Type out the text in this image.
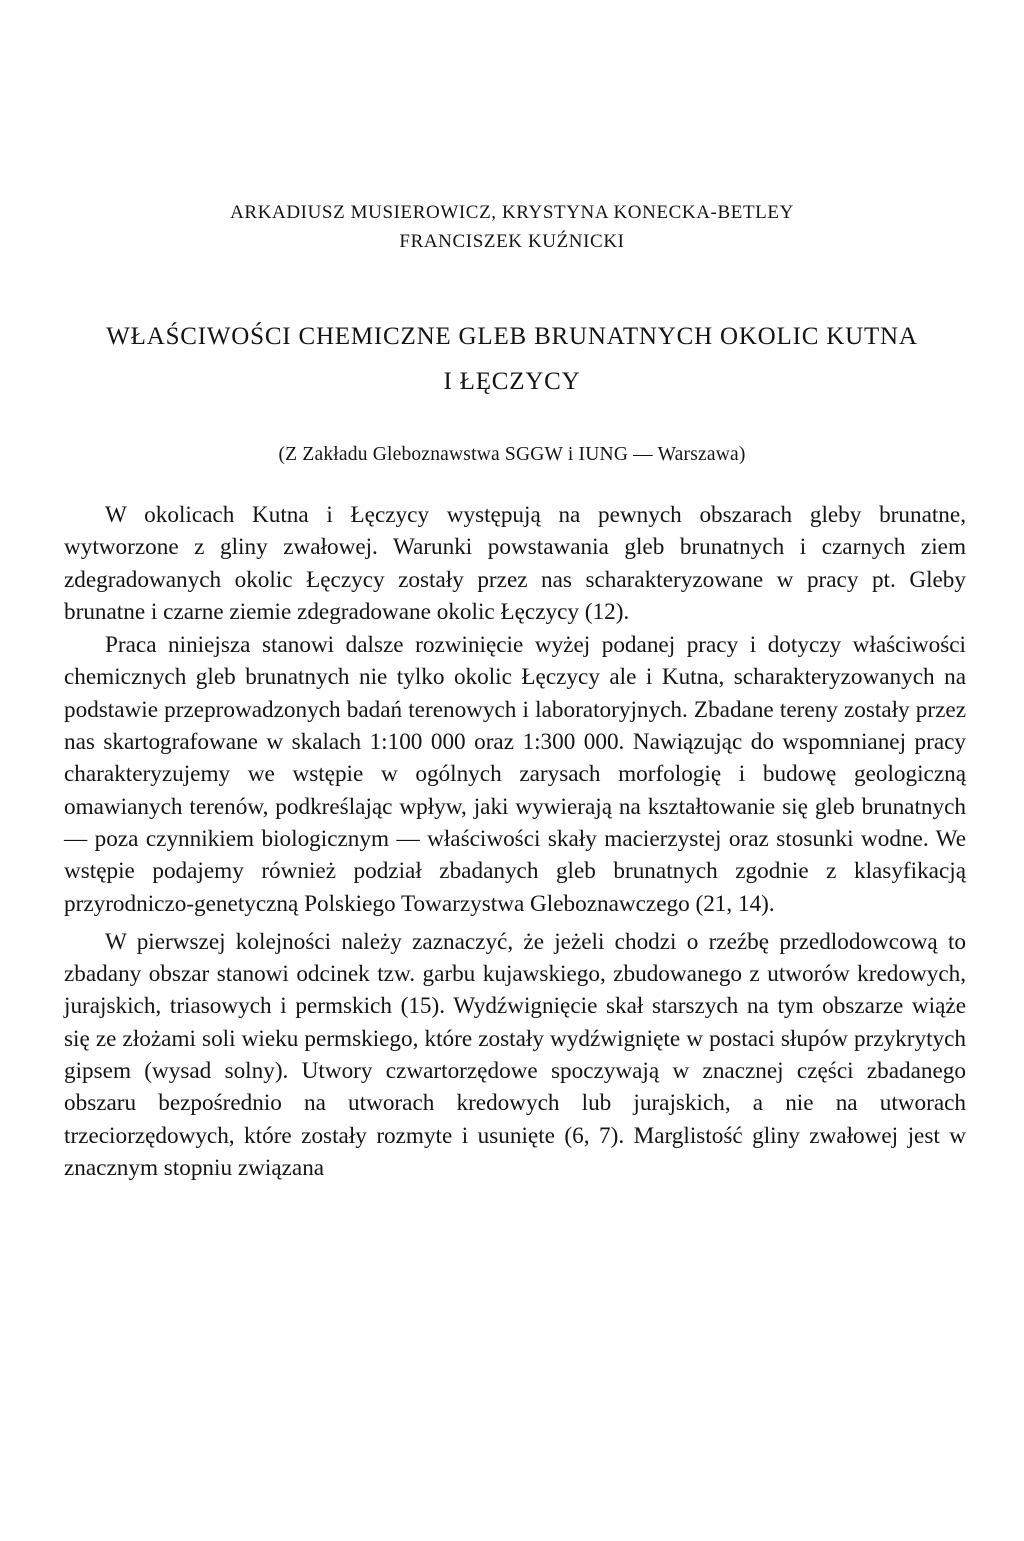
ARKADIUSZ MUSIEROWICZ, KRYSTYNA KONECKA-BETLEY
FRANCISZEK KUŹNICKI
WŁAŚCIWOŚCI CHEMICZNE GLEB BRUNATNYCH OKOLIC KUTNA
I ŁĘCZYCY
(Z Zakładu Gleboznawstwa SGGW i IUNG — Warszawa)

W okolicach Kutna i Łęczycy występują na pewnych obszarach gleby brunatne, wytworzone z gliny zwałowej. Warunki powstawania gleb brunatnych i czarnych ziem zdegradowanych okolic Łęczycy zostały przez nas scharakteryzowane w pracy pt. Gleby brunatne i czarne ziemie zdegradowane okolic Łęczycy (12).

Praca niniejsza stanowi dalsze rozwinięcie wyżej podanej pracy i dotyczy właściwości chemicznych gleb brunatnych nie tylko okolic Łęczycy ale i Kutna, scharakteryzowanych na podstawie przeprowadzonych badań terenowych i laboratoryjnych. Zbadane tereny zostały przez nas skartografowane w skalach 1:100 000 oraz 1:300 000. Nawiązując do wspomnianej pracy charakteryzujemy we wstępie w ogólnych zarysach morfologię i budowę geologiczną omawianych terenów, podkreślając wpływ, jaki wywierają na kształtowanie się gleb brunatnych — poza czynnikiem biologicznym — właściwości skały macierzystej oraz stosunki wodne. We wstępie podajemy również podział zbadanych gleb brunatnych zgodnie z klasyfikacją przyrodniczo-genetyczną Polskiego Towarzystwa Gleboznawczego (21, 14).

W pierwszej kolejności należy zaznaczyć, że jeżeli chodzi o rzeźbę przedlodowcową to zbadany obszar stanowi odcinek tzw. garbu kujawskiego, zbudowanego z utworów kredowych, jurajskich, triasowych i permskich (15). Wydźwignięcie skał starszych na tym obszarze wiąże się ze złożami soli wieku permskiego, które zostały wydźwignięte w postaci słupów przykrytych gipsem (wysad solny). Utwory czwartorzędowe spoczywają w znacznej części zbadanego obszaru bezpośrednio na utworach kredowych lub jurajskich, a nie na utworach trzeciorzędowych, które zostały rozmyte i usunięte (6, 7). Marglistość gliny zwałowej jest w znacznym stopniu związana
